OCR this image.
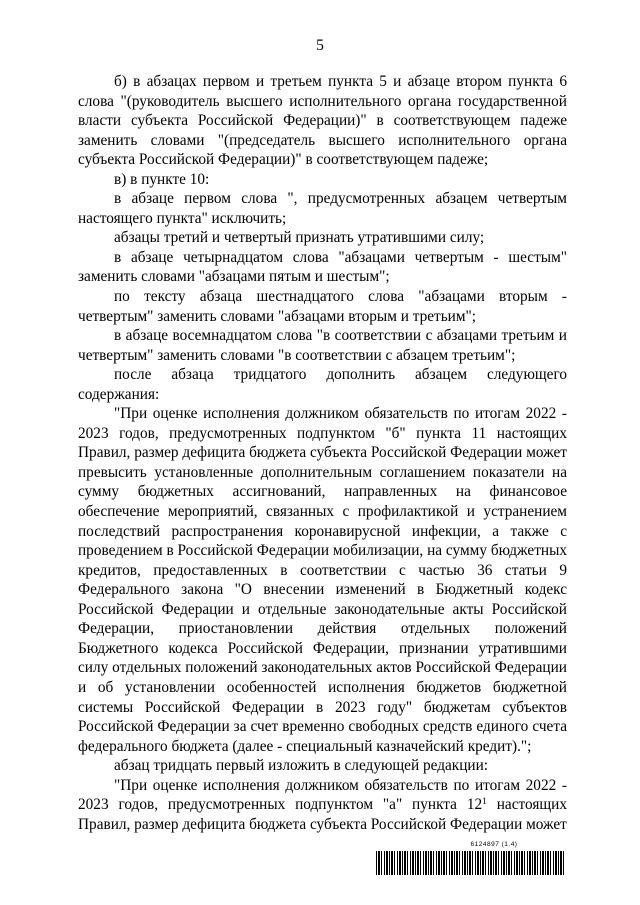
5

б) в абзацах первом и третьем пункта 5 и абзаце втором пункта 6 слова "(руководитель высшего исполнительного органа государственной власти субъекта Российской Федерации)" в соответствующем падеже заменить словами "(председатель высшего исполнительного органа субъекта Российской Федерации)" в соответствующем падеже;

в) в пункте 10:

в абзаце первом слова ", предусмотренных абзацем четвертым настоящего пункта" исключить;

абзацы третий и четвертый признать утратившими силу;

в абзаце четырнадцатом слова "абзацами четвертым - шестым" заменить словами "абзацами пятым и шестым";

по тексту абзаца шестнадцатого слова "абзацами вторым - четвертым" заменить словами "абзацами вторым и третьим";

в абзаце восемнадцатом слова "в соответствии с абзацами третьим и четвертым" заменить словами "в соответствии с абзацем третьим";

после абзаца тридцатого дополнить абзацем следующего содержания:

"При оценке исполнения должником обязательств по итогам 2022 - 2023 годов, предусмотренных подпунктом "б" пункта 11 настоящих Правил, размер дефицита бюджета субъекта Российской Федерации может превысить установленные дополнительным соглашением показатели на сумму бюджетных ассигнований, направленных на финансовое обеспечение мероприятий, связанных с профилактикой и устранением последствий распространения коронавирусной инфекции, а также с проведением в Российской Федерации мобилизации, на сумму бюджетных кредитов, предоставленных в соответствии с частью 36 статьи 9 Федерального закона "О внесении изменений в Бюджетный кодекс Российской Федерации и отдельные законодательные акты Российской Федерации, приостановлении действия отдельных положений Бюджетного кодекса Российской Федерации, признании утратившими силу отдельных положений законодательных актов Российской Федерации и об установлении особенностей исполнения бюджетов бюджетной системы Российской Федерации в 2023 году" бюджетам субъектов Российской Федерации за счет временно свободных средств единого счета федерального бюджета (далее - специальный казначейский кредит).";

абзац тридцать первый изложить в следующей редакции:

"При оценке исполнения должником обязательств по итогам 2022 - 2023 годов, предусмотренных подпунктом "а" пункта $12^1$ настоящих Правил, размер дефицита бюджета субъекта Российской Федерации может

6124897 (1.4)
